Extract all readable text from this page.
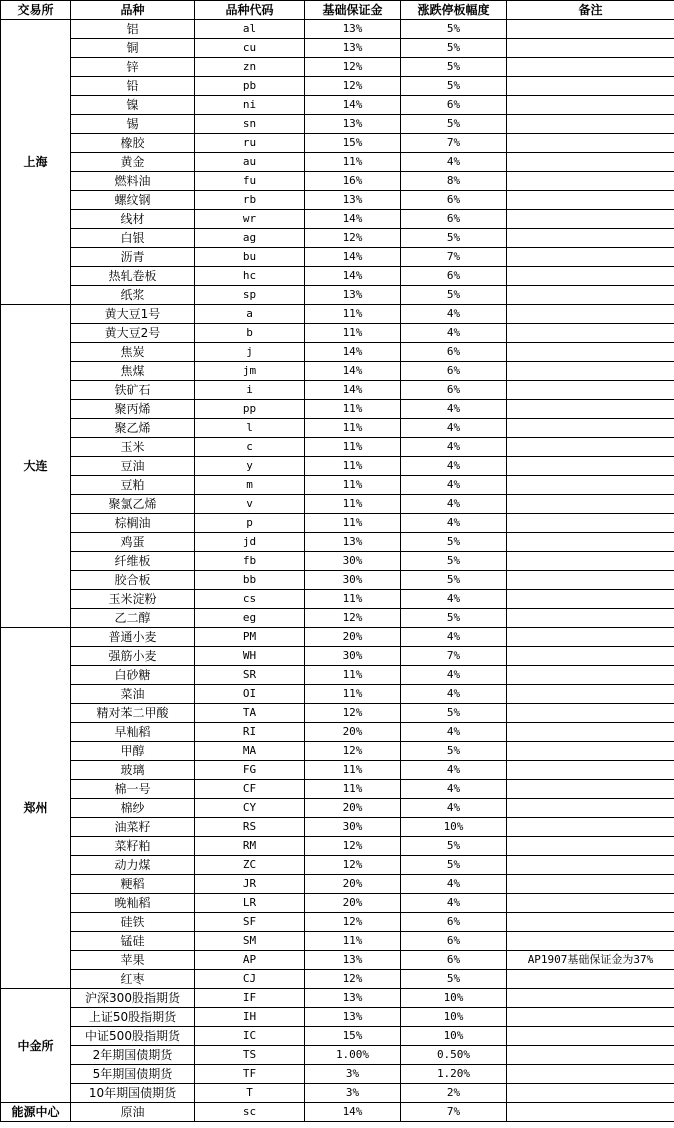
交易所	品种	品种代码	基础保证金	涨跌停板幅度	备注
上海	铝	al	13%	5%	
	铜	cu	13%	5%	
	锌	zn	12%	5%	
	铅	pb	12%	5%	
	镍	ni	14%	6%	
	锡	sn	13%	5%	
	橡胶	ru	15%	7%	
	黄金	au	11%	4%	
	燃料油	fu	16%	8%	
	螺纹钢	rb	13%	6%	
	线材	wr	14%	6%	
	白银	ag	12%	5%	
	沥青	bu	14%	7%	
	热轧卷板	hc	14%	6%	
	纸浆	sp	13%	5%	
大连	黄大豆1号	a	11%	4%	
	黄大豆2号	b	11%	4%	
	焦炭	j	14%	6%	
	焦煤	jm	14%	6%	
	铁矿石	i	14%	6%	
	聚丙烯	pp	11%	4%	
	聚乙烯	l	11%	4%	
	玉米	c	11%	4%	
	豆油	y	11%	4%	
	豆粕	m	11%	4%	
	聚氯乙烯	v	11%	4%	
	棕榈油	p	11%	4%	
	鸡蛋	jd	13%	5%	
	纤维板	fb	30%	5%	
	胶合板	bb	30%	5%	
	玉米淀粉	cs	11%	4%	
	乙二醇	eg	12%	5%	
郑州	普通小麦	PM	20%	4%	
	强筋小麦	WH	30%	7%	
	白砂糖	SR	11%	4%	
	菜油	OI	11%	4%	
	精对苯二甲酸	TA	12%	5%	
	早籼稻	RI	20%	4%	
	甲醇	MA	12%	5%	
	玻璃	FG	11%	4%	
	棉一号	CF	11%	4%	
	棉纱	CY	20%	4%	
	油菜籽	RS	30%	10%	
	菜籽粕	RM	12%	5%	
	动力煤	ZC	12%	5%	
	粳稻	JR	20%	4%	
	晚籼稻	LR	20%	4%	
	硅铁	SF	12%	6%	
	锰硅	SM	11%	6%	
	苹果	AP	13%	6%	AP1907基础保证金为37%
	红枣	CJ	12%	5%	
中金所	沪深300股指期货	IF	13%	10%	
	上证50股指期货	IH	13%	10%	
	中证500股指期货	IC	15%	10%	
	2年期国债期货	TS	1.00%	0.50%	
	5年期国债期货	TF	3%	1.20%	
	10年期国债期货	T	3%	2%	
能源中心	原油	sc	14%	7%	
